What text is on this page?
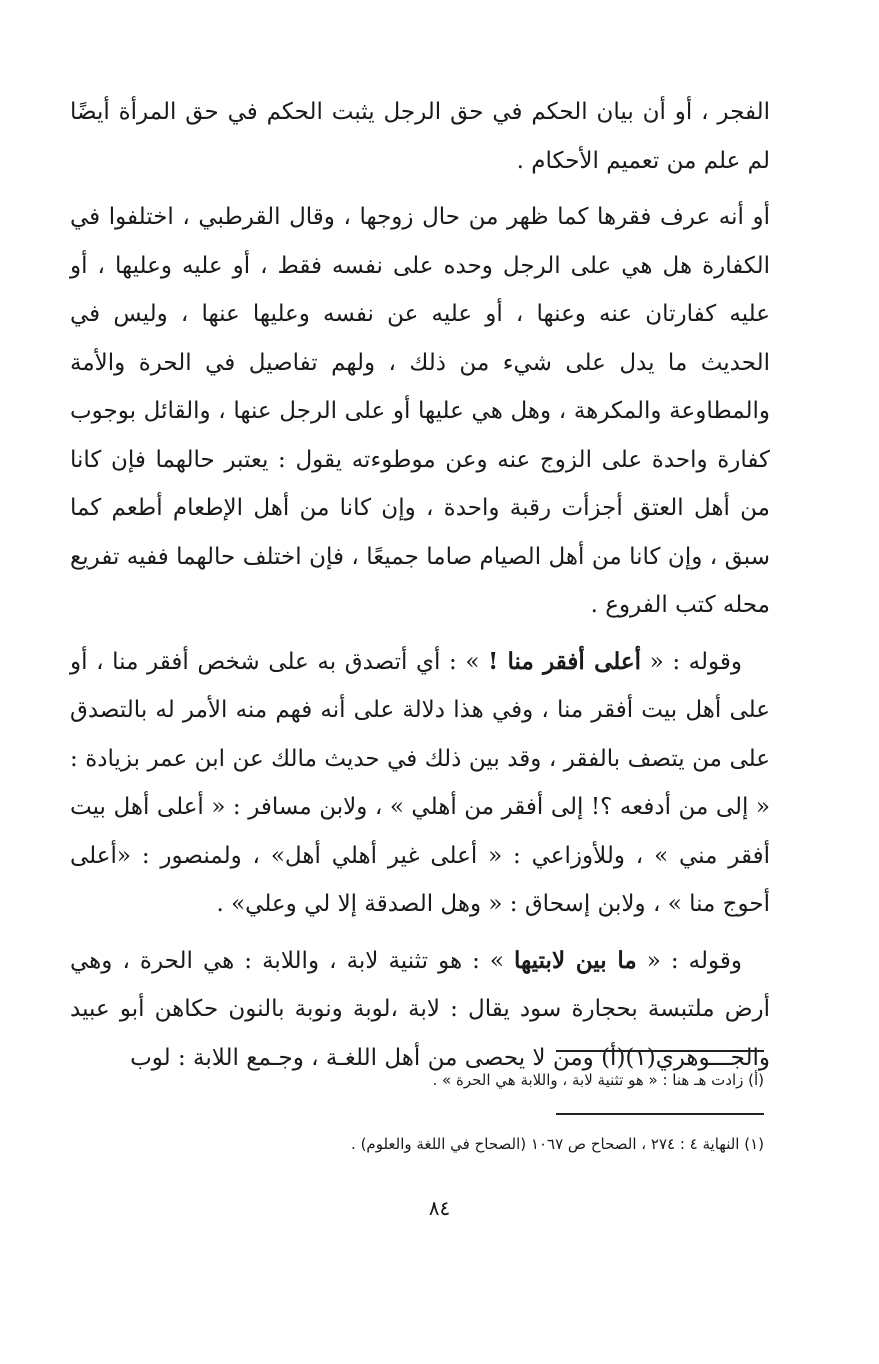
الفجر ، أو أن بيان الحكم في حق الرجل يثبت الحكم في حق المرأة أيضًا لم علم من تعميم الأحكام .

أو أنه عرف فقرها كما ظهر من حال زوجها ، وقال القرطبي ، اختلفوا في الكفارة هل هي على الرجل وحده على نفسه فقط ، أو عليه وعليها ، أو عليه كفارتان عنه وعنها ، أو عليه عن نفسه وعليها عنها ، وليس في الحديث ما يدل على شيء من ذلك ، ولهم تفاصيل في الحرة والأمة والمطاوعة والمكرهة ، وهل هي عليها أو على الرجل عنها ، والقائل بوجوب كفارة واحدة على الزوج عنه وعن موطوءته يقول : يعتبر حالهما فإن كانا من أهل العتق أجزأت رقبة واحدة ، وإن كانا من أهل الإطعام أطعم كما سبق ، وإن كانا من أهل الصيام صاما جميعًا ، فإن اختلف حالهما ففيه تفريع محله كتب الفروع .

وقوله : « أعلى أفقر منا ! » : أي أتصدق به على شخص أفقر منا ، أو على أهل بيت أفقر منا ، وفي هذا دلالة على أنه فهم منه الأمر له بالتصدق على من يتصف بالفقر ، وقد بين ذلك في حديث مالك عن ابن عمر بزيادة : « إلى من أدفعه ؟! إلى أفقر من أهلي » ، ولابن مسافر : « أعلى أهل بيت أفقر مني » ، وللأوزاعي : « أعلى غير أهلي أهل» ، ولمنصور : «أعلى أحوج منا » ، ولابن إسحاق : « وهل الصدقة إلا لي وعلي» .

وقوله : « ما بين لابتيها » : هو تثنية لابة ، واللابة : هي الحرة ، وهي أرض ملتبسة بحجارة سود يقال : لابة ،لوبة ونوبة بالنون حكاهن أبو عبيد والجـــوهري(١)(أ) ومن لا يحصى من أهل اللغـة ، وجـمع اللابة : لوب

(أ) زادت هـ هنا : « هو تثنية لابة ، واللابة هي الحرة » .
(١) النهاية ٤ : ٢٧٤ ، الصحاح ص ١٠٦٧ (الصحاح في اللغة والعلوم) .
٨٤
